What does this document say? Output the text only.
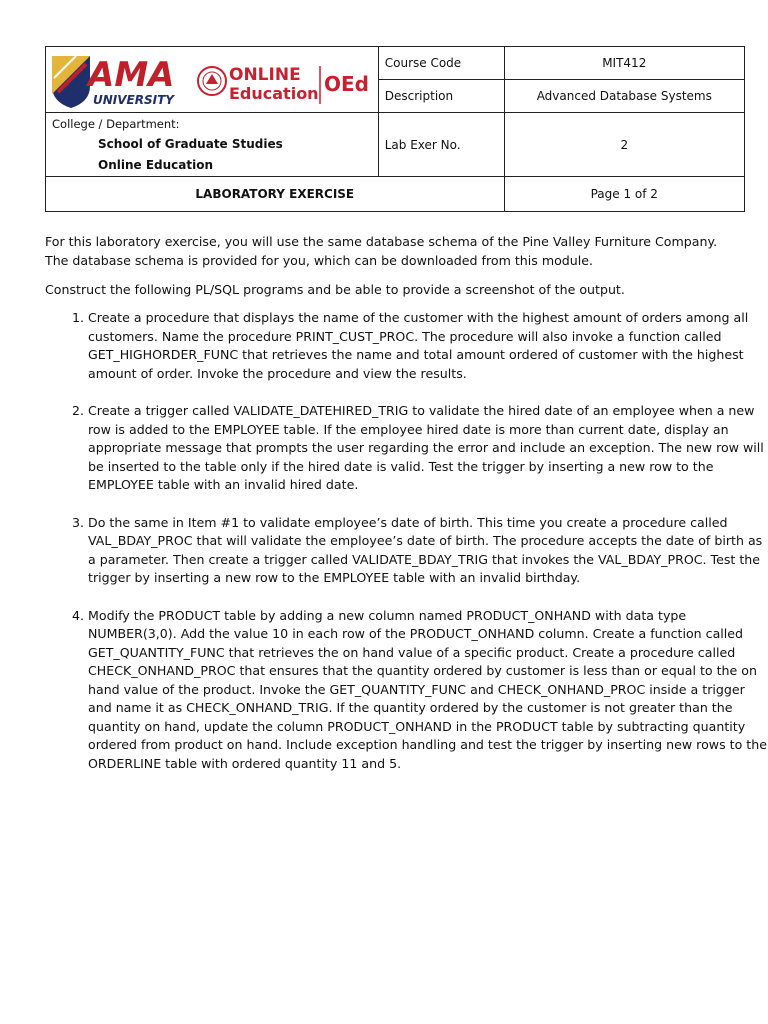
AMA
UNIVERSITY
ONLINE
Education OEd	Course Code	MIT412
	Description	Advanced Database Systems

College / Department:
School of Graduate Studies
Online Education	Lab Exer No.	2
LABORATORY EXERCISE		Page 1 of 2

For this laboratory exercise, you will use the same database schema of the Pine Valley Furniture Company. The database schema is provided for you, which can be downloaded from this module.

Construct the following PL/SQL programs and be able to provide a screenshot of the output.

1. Create a procedure that displays the name of the customer with the highest amount of orders among all customers. Name the procedure PRINT_CUST_PROC. The procedure will also invoke a function called GET_HIGHORDER_FUNC that retrieves the name and total amount ordered of customer with the highest amount of order. Invoke the procedure and view the results.
2. Create a trigger called VALIDATE_DATEHIRED_TRIG to validate the hired date of an employee when a new row is added to the EMPLOYEE table. If the employee hired date is more than current date, display an appropriate message that prompts the user regarding the error and include an exception. The new row will be inserted to the table only if the hired date is valid. Test the trigger by inserting a new row to the EMPLOYEE table with an invalid hired date.
3. Do the same in Item #1 to validate employee’s date of birth. This time you create a procedure called VAL_BDAY_PROC that will validate the employee’s date of birth. The procedure accepts the date of birth as a parameter. Then create a trigger called VALIDATE_BDAY_TRIG that invokes the VAL_BDAY_PROC. Test the trigger by inserting a new row to the EMPLOYEE table with an invalid birthday.
4. Modify the PRODUCT table by adding a new column named PRODUCT_ONHAND with data type NUMBER(3,0). Add the value 10 in each row of the PRODUCT_ONHAND column. Create a function called GET_QUANTITY_FUNC that retrieves the on hand value of a specific product. Create a procedure called CHECK_ONHAND_PROC that ensures that the quantity ordered by customer is less than or equal to the on hand value of the product. Invoke the GET_QUANTITY_FUNC and CHECK_ONHAND_PROC inside a trigger and name it as CHECK_ONHAND_TRIG. If the quantity ordered by the customer is not greater than the quantity on hand, update the column PRODUCT_ONHAND in the PRODUCT table by subtracting quantity ordered from product on hand. Include exception handling and test the trigger by inserting new rows to the ORDERLINE table with ordered quantity 11 and 5.
